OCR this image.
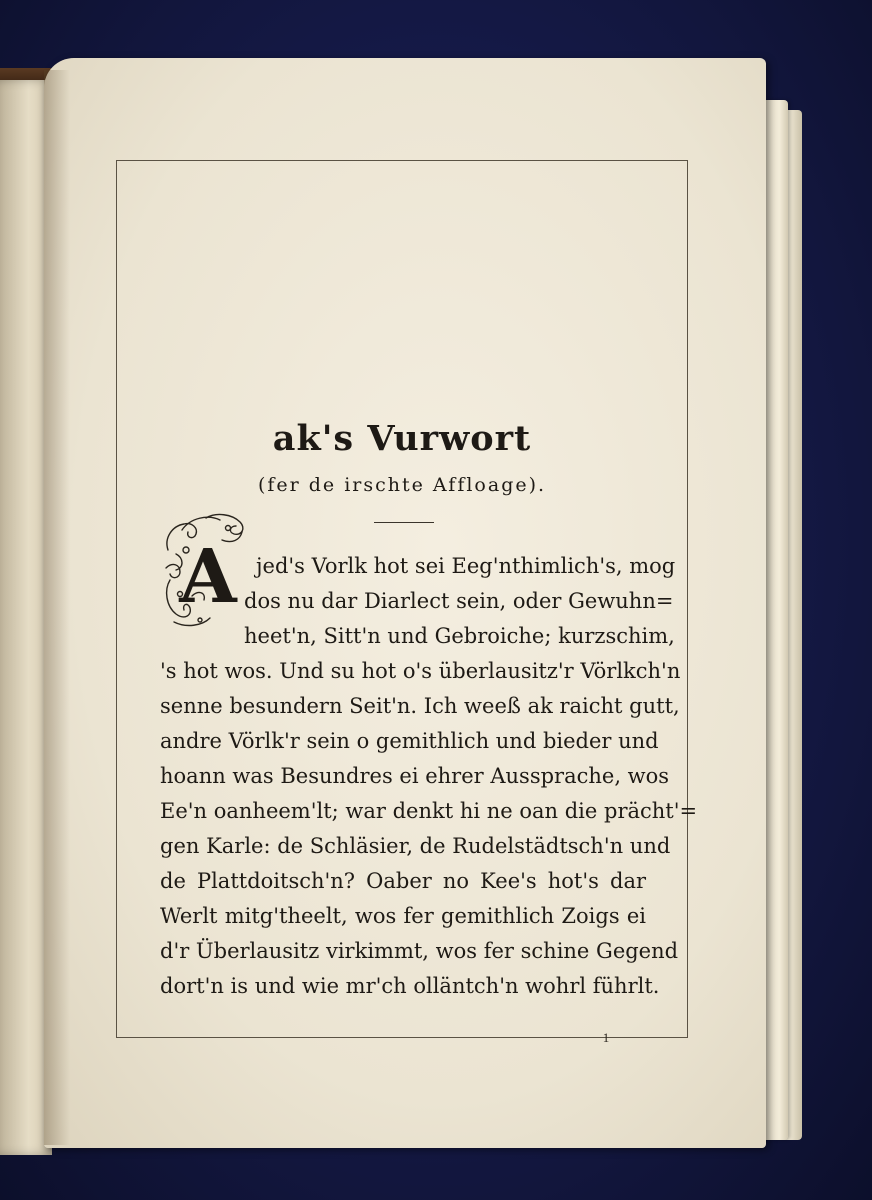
ak's Vurwort
(fer de irschte Affloage).
A jed's Vorlk hot sei Eeg'nthimlich's, mog
dos nu dar Diarlect sein, oder Gewuhn=
heet'n, Sitt'n und Gebroiche; kurzschim,
's hot wos. Und su hot o's überlausitz'r Vörlkch'n
senne besundern Seit'n. Ich weeß ak raicht gutt,
andre Vörlk'r sein o gemithlich und bieder und
hoann was Besundres ei ehrer Aussprache, wos
Ee'n oanheem'lt; war denkt hi ne oan die prächt'=
gen Karle: de Schläsier, de Rudelstädtsch'n und
de Plattdoitsch'n? Oaber no Kee's hot's dar
Werlt mitg'theelt, wos fer gemithlich Zoigs ei
d'r Überlausitz virkimmt, wos fer schine Gegend
dort'n is und wie mr'ch olläntch'n wohrl führlt.
1
